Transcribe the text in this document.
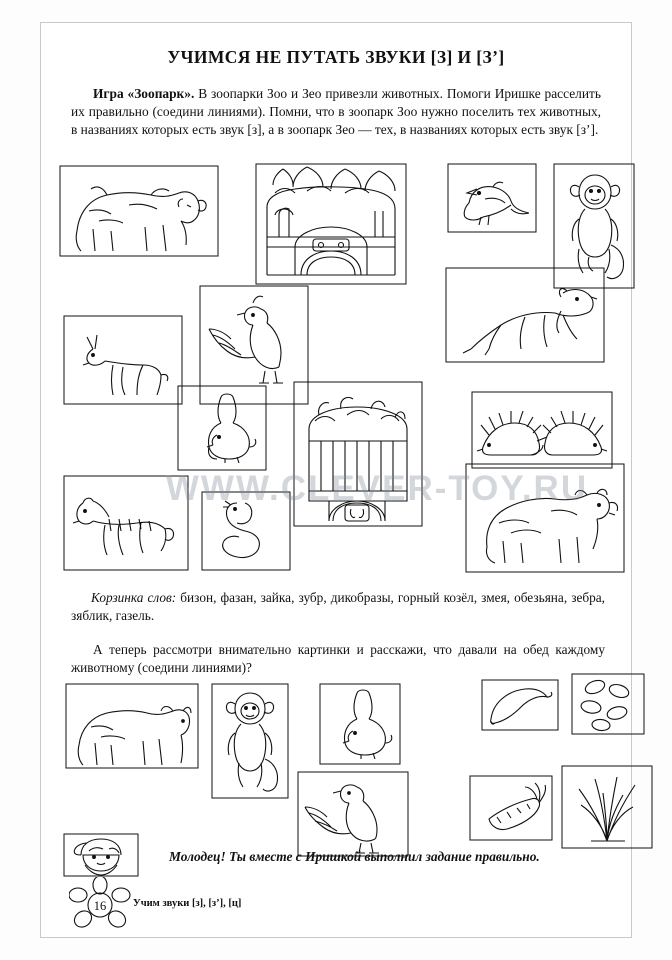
УЧИМСЯ НЕ ПУТАТЬ ЗВУКИ [З] И [З’]
Игра «Зоопарк». В зоопарки Зоо и Зео привезли животных. Помоги Иришке расселить их правильно (соедини линиями). Помни, что в зоопарк Зоо нужно поселить тех животных, в названиях которых есть звук [з], а в зоопарк Зео — тех, в названиях которых есть звук [з’].
WWW.CLEVER-TOY.RU
Корзинка слов: бизон, фазан, зайка, зубр, дикобразы, горный козёл, змея, обезьяна, зебра, зяблик, газель.
А теперь рассмотри внимательно картинки и расскажи, что давали на обед каждому животному (соедини линиями)?
Молодец! Ты вместе с Иришкой выполнил задание правильно.
16	Учим звуки [з], [з’], [ц]
